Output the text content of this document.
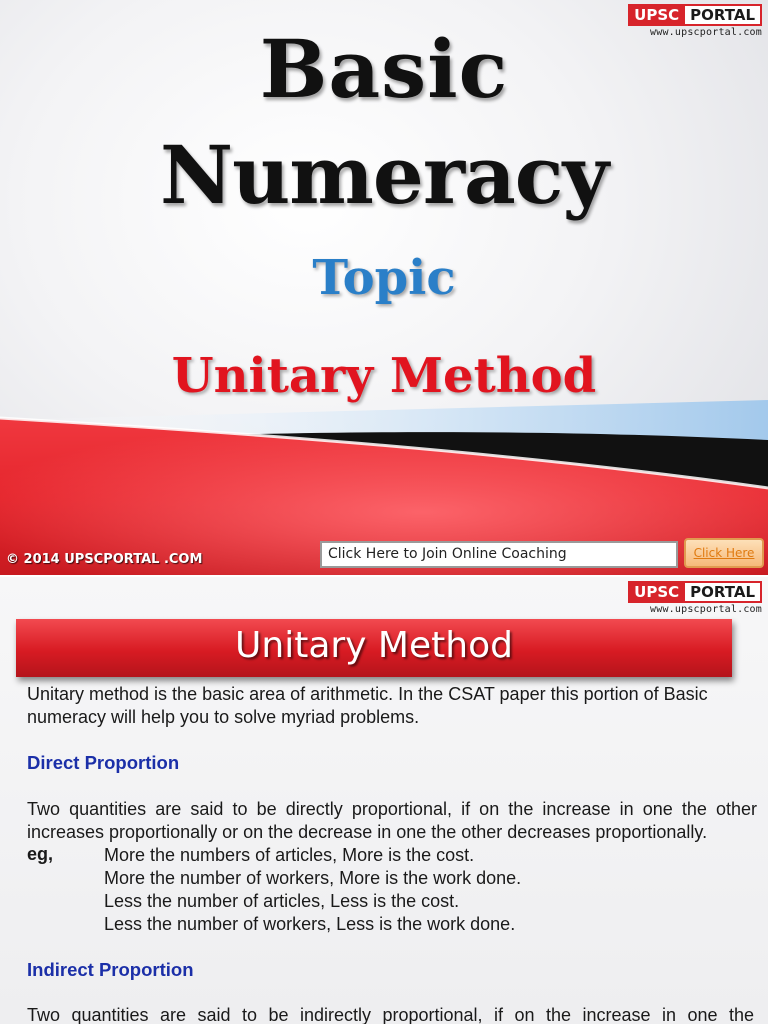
UPSC PORTAL
www.upscportal.com
Basic
Numeracy
Topic
Unitary Method
© 2014 UPSCPORTAL .COM	Click Here to Join Online Coaching	Click Here
UPSC PORTAL
www.upscportal.com
Unitary Method
Unitary method is the basic area of arithmetic. In the CSAT paper this portion of Basic numeracy will help you to solve myriad problems.
Direct Proportion
Two quantities are said to be directly proportional, if on the increase in one the other increases proportionally or on the decrease in one the other decreases proportionally.
eg,	More the numbers of articles, More is the cost.
More the number of workers, More is the work done.
Less the number of articles, Less is the cost.
Less the number of workers, Less is the work done.
Indirect Proportion
Two quantities are said to be indirectly proportional, if on the increase in one the
